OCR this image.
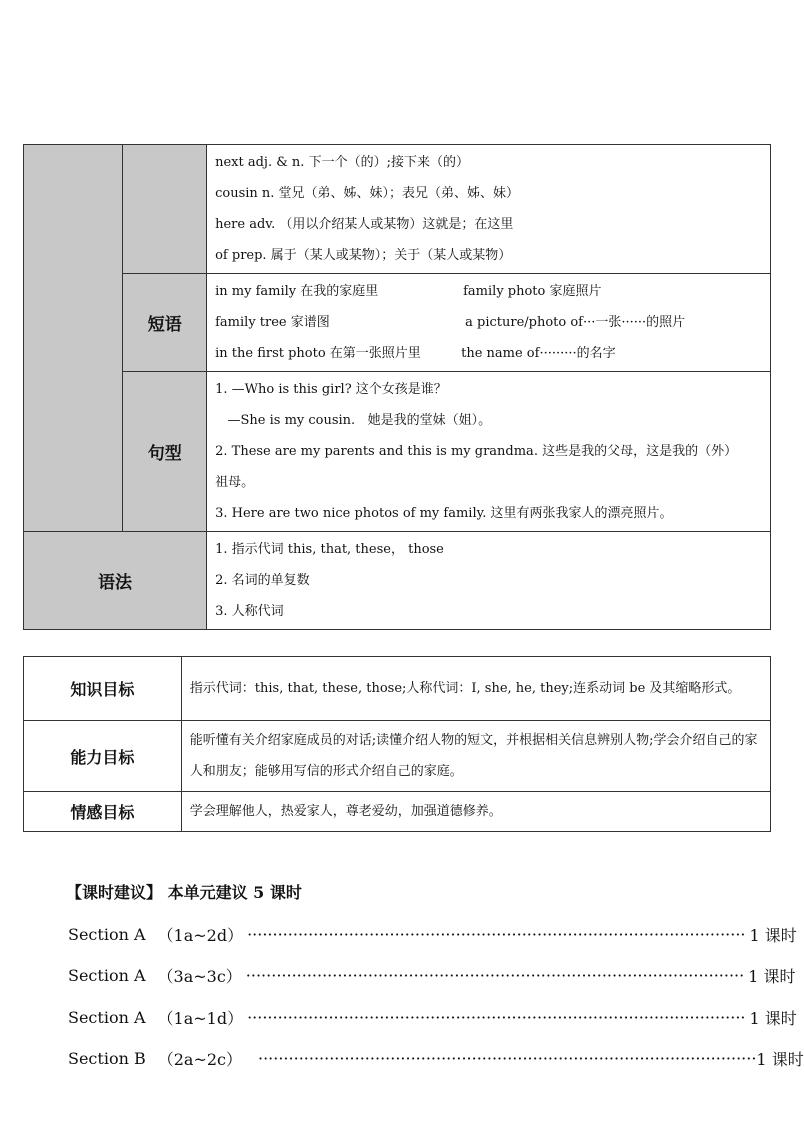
		next adj. & n. 下一个（的）;接下来（的）
cousin n. 堂兄（弟、姊、妹）；表兄（弟、姊、妹）
here adv. （用以介绍某人或某物）这就是；在这里
of prep. 属于（某人或某物）；关于（某人或某物）

	短语	in my family 在我的家庭里 family photo 家庭照片
family tree 家谱图 a picture/photo of···一张······的照片
in the first photo 在第一张照片里 the name of·········的名字

	句型	1. —Who is this girl? 这个女孩是谁？
—She is my cousin.   她是我的堂妹（姐）。
2. These are my parents and this is my grandma. 这些是我的父母，这是我的（外）
祖母。
3. Here are two nice photos of my family. 这里有两张我家人的漂亮照片。

语法		1. 指示代词 this, that, these， those
2. 名词的单复数
3. 人称代词
知识目标	指示代词：this, that, these, those;人称代词：I, she, he, they;连系动词 be 及其缩略形式。
能力目标	能听懂有关介绍家庭成员的对话;读懂介绍人物的短文，并根据相关信息辨别人物;学会介绍自己的家人和朋友；能够用写信的形式介绍自己的家庭。
情感目标	学会理解他人，热爱家人，尊老爱幼，加强道德修养。
【课时建议】 本单元建议 5 课时
Section A （1a~2d） ·································································································· 1 课时
Section A （3a~3c） ·································································································· 1 课时
Section A （1a~1d） ·································································································· 1 课时
Section B （2a~2c） ·································································································· 1 课时
